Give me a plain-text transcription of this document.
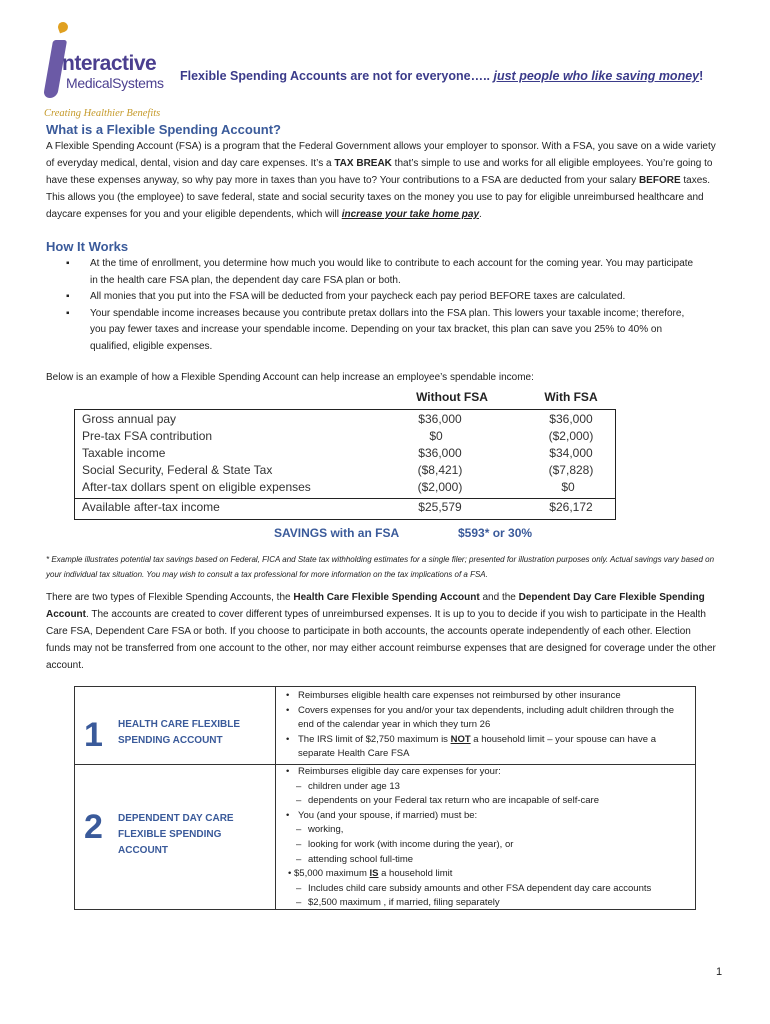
nteractive
MedicalSystems
Creating Healthier Benefits
Flexible Spending Accounts are not for everyone….. just people who like saving money!
What is a Flexible Spending Account?
A Flexible Spending Account (FSA) is a program that the Federal Government allows your employer to sponsor. With a FSA, you save on a wide variety of everyday medical, dental, vision and day care expenses. It’s a TAX BREAK that’s simple to use and works for all eligible employees. You’re going to have these expenses anyway, so why pay more in taxes than you have to? Your contributions to a FSA are deducted from your salary BEFORE taxes. This allows you (the employee) to save federal, state and social security taxes on the money you use to pay for eligible unreimbursed healthcare and daycare expenses for you and your eligible dependents, which will increase your take home pay.
How It Works
▪ At the time of enrollment, you determine how much you would like to contribute to each account for the coming year. You may participate in the health care FSA plan, the dependent day care FSA plan or both.
▪ All monies that you put into the FSA will be deducted from your paycheck each pay period BEFORE taxes are calculated.
▪ Your spendable income increases because you contribute pretax dollars into the FSA plan. This lowers your taxable income; therefore, you pay fewer taxes and increase your spendable income. Depending on your tax bracket, this plan can save you 25% to 40% on qualified, eligible expenses.
Below is an example of how a Flexible Spending Account can help increase an employee’s spendable income:
Without FSA	With FSA
Gross annual pay	$36,000	$36,000
Pre-tax FSA contribution	$0	($2,000)
Taxable income	$36,000	$34,000
Social Security, Federal & State Tax	($8,421)	($7,828)
After-tax dollars spent on eligible expenses	($2,000)	$0
Available after-tax income	$25,579	$26,172
SAVINGS with an FSA	$593* or 30%
* Example illustrates potential tax savings based on Federal, FICA and State tax withholding estimates for a single filer; presented for illustration purposes only. Actual savings vary based on your individual tax situation. You may wish to consult a tax professional for more information on the tax implications of a FSA.
There are two types of Flexible Spending Accounts, the Health Care Flexible Spending Account and the Dependent Day Care Flexible Spending Account. The accounts are created to cover different types of unreimbursed expenses. It is up to you to decide if you wish to participate in the Health Care FSA, Dependent Care FSA or both. If you choose to participate in both accounts, the accounts operate independently of each other. Election funds may not be transferred from one account to the other, nor may either account reimburse expenses that are designed for coverage under the other account.
1 HEALTH CARE FLEXIBLE SPENDING ACCOUNT
• Reimburses eligible health care expenses not reimbursed by other insurance
• Covers expenses for you and/or your tax dependents, including adult children through the end of the calendar year in which they turn 26
• The IRS limit of $2,750 maximum is NOT a household limit – your spouse can have a separate Health Care FSA
2 DEPENDENT DAY CARE FLEXIBLE SPENDING ACCOUNT
• Reimburses eligible day care expenses for your:
– children under age 13
– dependents on your Federal tax return who are incapable of self-care
• You (and your spouse, if married) must be:
– working,
– looking for work (with income during the year), or
– attending school full-time
• $5,000 maximum IS a household limit
– Includes child care subsidy amounts and other FSA dependent day care accounts
– $2,500 maximum , if married, filing separately
1
